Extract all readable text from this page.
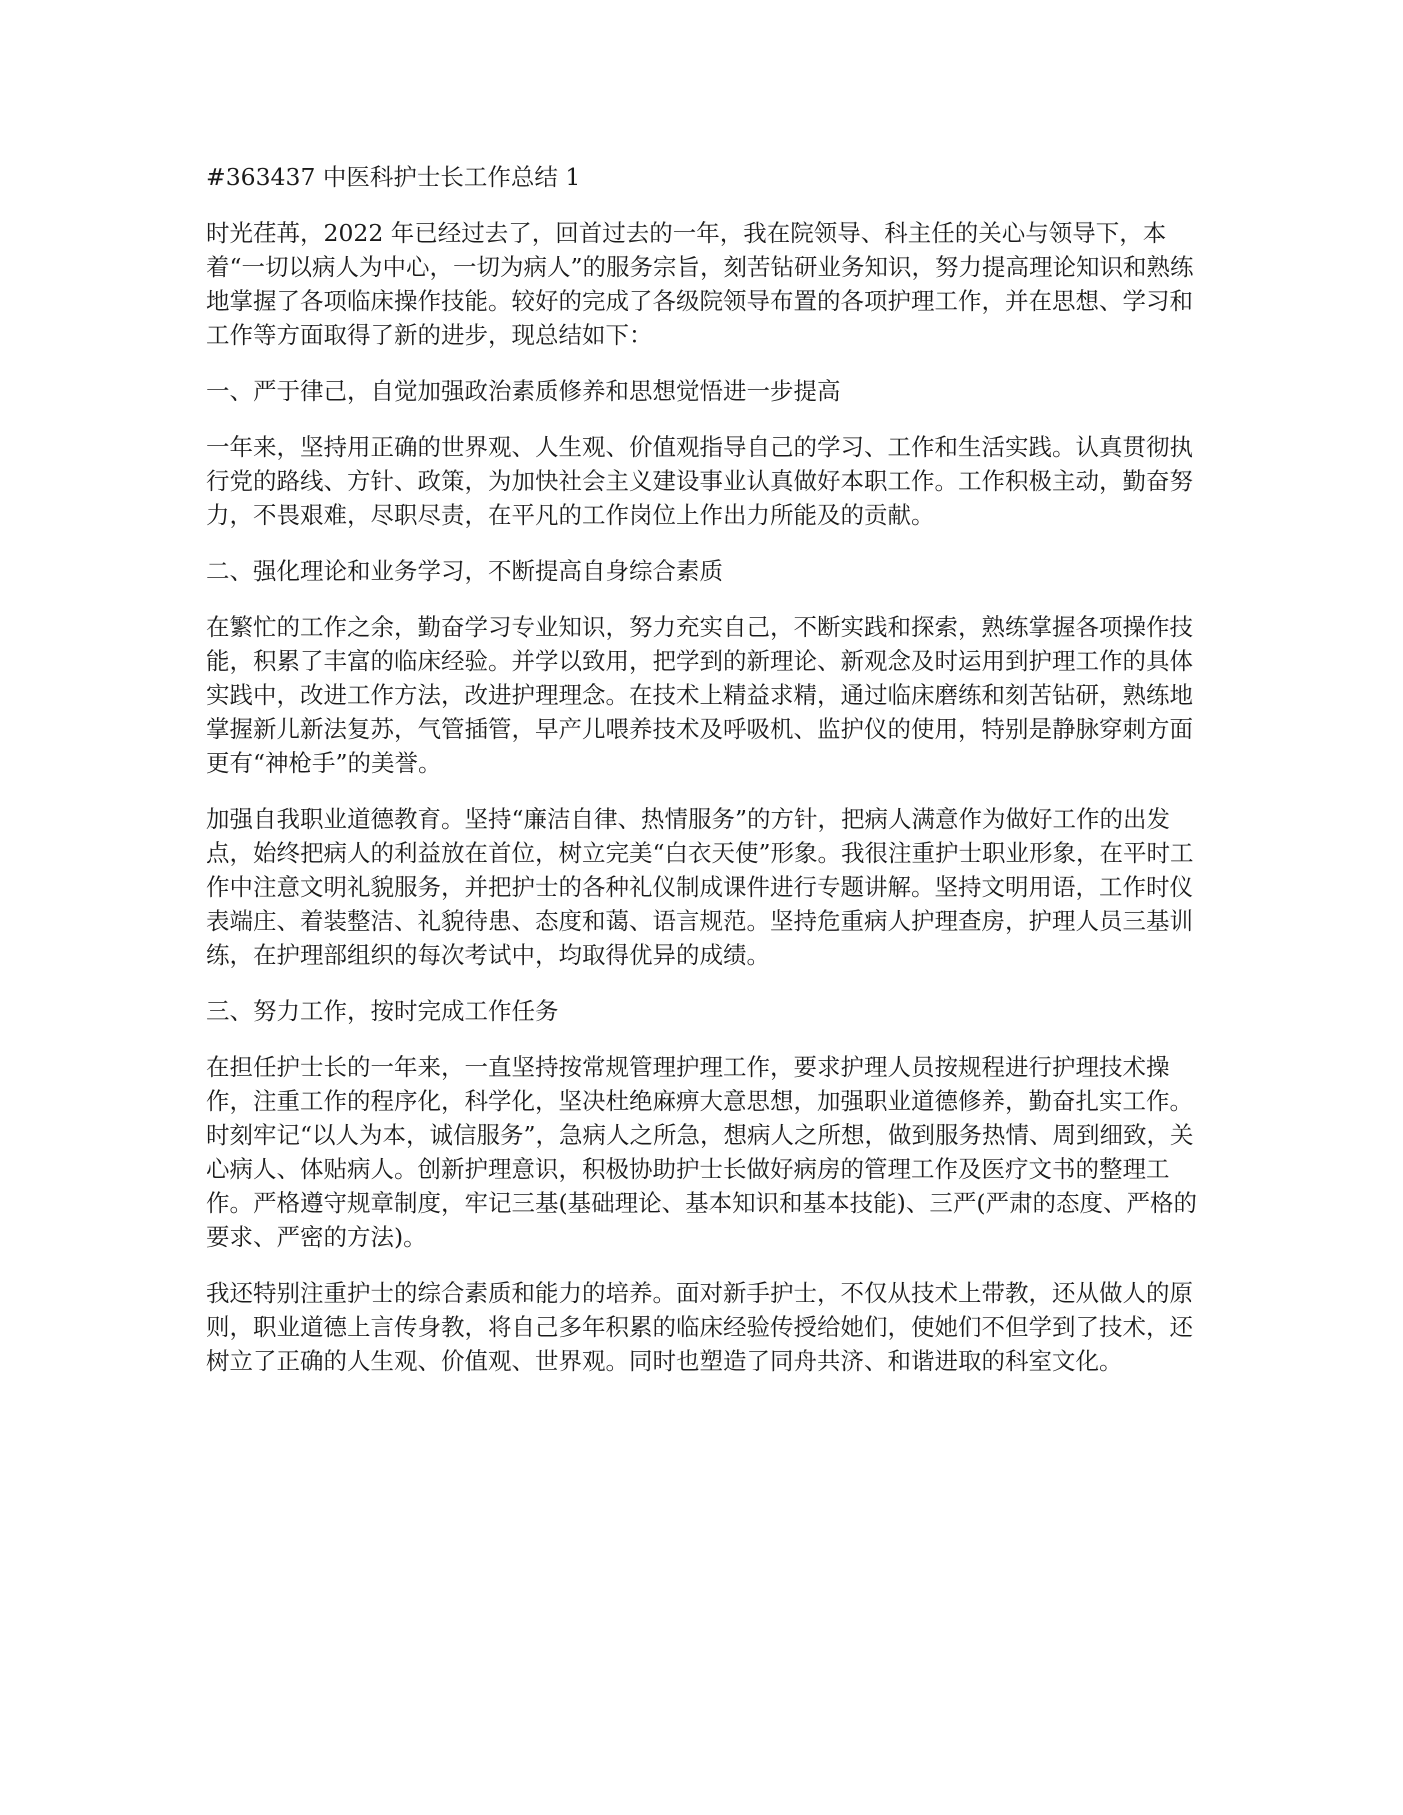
#363437 中医科护士长工作总结 1

时光荏苒，2022 年已经过去了，回首过去的一年，我在院领导、科主任的关心与领导下，本着“一切以病人为中心，一切为病人”的服务宗旨，刻苦钻研业务知识，努力提高理论知识和熟练地掌握了各项临床操作技能。较好的完成了各级院领导布置的各项护理工作，并在思想、学习和工作等方面取得了新的进步，现总结如下：

一、严于律己，自觉加强政治素质修养和思想觉悟进一步提高

一年来，坚持用正确的世界观、人生观、价值观指导自己的学习、工作和生活实践。认真贯彻执行党的路线、方针、政策，为加快社会主义建设事业认真做好本职工作。工作积极主动，勤奋努力，不畏艰难，尽职尽责，在平凡的工作岗位上作出力所能及的贡献。

二、强化理论和业务学习，不断提高自身综合素质

在繁忙的工作之余，勤奋学习专业知识，努力充实自己，不断实践和探索，熟练掌握各项操作技能，积累了丰富的临床经验。并学以致用，把学到的新理论、新观念及时运用到护理工作的具体实践中，改进工作方法，改进护理理念。在技术上精益求精，通过临床磨练和刻苦钻研，熟练地掌握新儿新法复苏，气管插管，早产儿喂养技术及呼吸机、监护仪的使用，特别是静脉穿刺方面更有“神枪手”的美誉。

加强自我职业道德教育。坚持“廉洁自律、热情服务”的方针，把病人满意作为做好工作的出发点，始终把病人的利益放在首位，树立完美“白衣天使”形象。我很注重护士职业形象，在平时工作中注意文明礼貌服务，并把护士的各种礼仪制成课件进行专题讲解。坚持文明用语，工作时仪表端庄、着装整洁、礼貌待患、态度和蔼、语言规范。坚持危重病人护理查房，护理人员三基训练，在护理部组织的每次考试中，均取得优异的成绩。

三、努力工作，按时完成工作任务

在担任护士长的一年来，一直坚持按常规管理护理工作，要求护理人员按规程进行护理技术操作，注重工作的程序化，科学化，坚决杜绝麻痹大意思想，加强职业道德修养，勤奋扎实工作。时刻牢记“以人为本，诚信服务”，急病人之所急，想病人之所想，做到服务热情、周到细致，关心病人、体贴病人。创新护理意识，积极协助护士长做好病房的管理工作及医疗文书的整理工作。严格遵守规章制度，牢记三基(基础理论、基本知识和基本技能)、三严(严肃的态度、严格的要求、严密的方法)。

我还特别注重护士的综合素质和能力的培养。面对新手护士，不仅从技术上带教，还从做人的原则，职业道德上言传身教，将自己多年积累的临床经验传授给她们，使她们不但学到了技术，还树立了正确的人生观、价值观、世界观。同时也塑造了同舟共济、和谐进取的科室文化。
